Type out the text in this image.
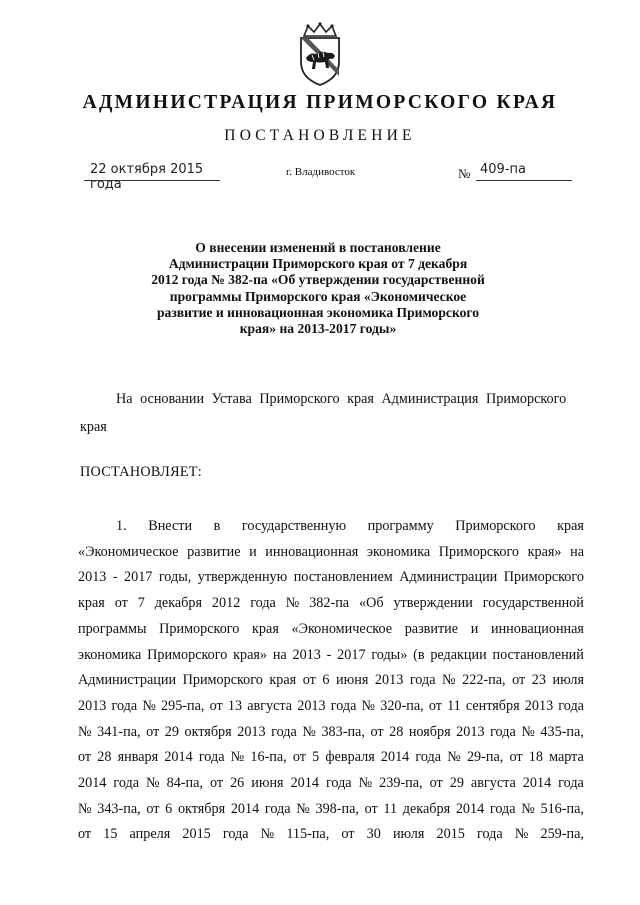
АДМИНИСТРАЦИЯ ПРИМОРСКОГО КРАЯ
ПОСТАНОВЛЕНИЕ
22 октября 2015 года
г. Владивосток	№ 409-па
О внесении изменений в постановление
Администрации Приморского края от 7 декабря
2012 года № 382-па «Об утверждении государственной
программы Приморского края «Экономическое
развитие и инновационная экономика Приморского
края» на 2013-2017 годы»
На основании Устава Приморского края Администрация Приморского
края
ПОСТАНОВЛЯЕТ:
1. Внести в государственную программу Приморского края
«Экономическое развитие и инновационная экономика Приморского края» на
2013 - 2017 годы, утвержденную постановлением Администрации Приморского
края от 7 декабря 2012 года № 382-па «Об утверждении государственной
программы Приморского края «Экономическое развитие и инновационная
экономика Приморского края» на 2013 - 2017 годы» (в редакции постановлений
Администрации Приморского края от 6 июня 2013 года № 222-па, от 23 июля
2013 года № 295-па, от 13 августа 2013 года № 320-па, от 11 сентября 2013 года
№ 341-па, от 29 октября 2013 года № 383-па, от 28 ноября 2013 года № 435-па,
от 28 января 2014 года № 16-па, от 5 февраля 2014 года № 29-па, от 18 марта
2014 года № 84-па, от 26 июня 2014 года № 239-па, от 29 августа 2014 года
№ 343-па, от 6 октября 2014 года № 398-па, от 11 декабря 2014 года № 516-па,
от 15 апреля 2015 года № 115-па, от 30 июля 2015 года № 259-па,
